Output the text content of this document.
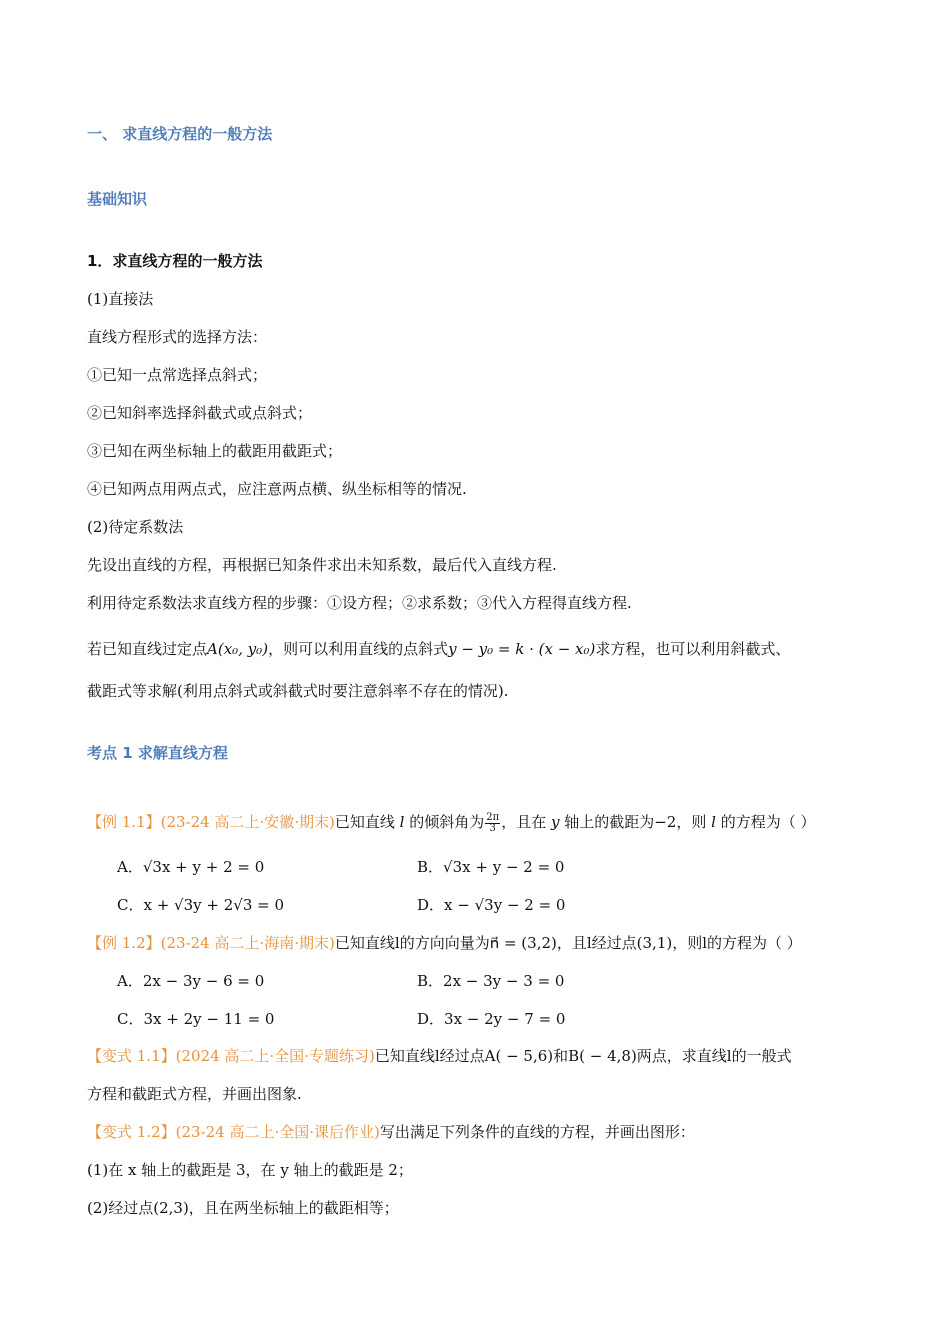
一、 求直线方程的一般方法
基础知识
1．求直线方程的一般方法
(1)直接法
直线方程形式的选择方法：
①已知一点常选择点斜式；
②已知斜率选择斜截式或点斜式；
③已知在两坐标轴上的截距用截距式；
④已知两点用两点式，应注意两点横、纵坐标相等的情况.
(2)待定系数法
先设出直线的方程，再根据已知条件求出未知系数，最后代入直线方程.
利用待定系数法求直线方程的步骤：①设方程；②求系数；③代入方程得直线方程.
若已知直线过定点A(x₀, y₀)，则可以利用直线的点斜式y − y₀ = k · (x − x₀)求方程，也可以利用斜截式、
截距式等求解(利用点斜式或斜截式时要注意斜率不存在的情况).
考点 1 求解直线方程
【例 1.1】(23-24 高二上·安徽·期末)已知直线 l 的倾斜角为 $\frac{2\pi}{3}$ ，且在 y 轴上的截距为−2，则 l 的方程为（ ）
A．√3x + y + 2 = 0	B．√3x + y − 2 = 0
C．x + √3y + 2√3 = 0	D．x − √3y − 2 = 0
【例 1.2】(23-24 高二上·海南·期末)已知直线l的方向向量为n⃗ = (3,2)，且l经过点(3,1)，则l的方程为（ ）
A．2x − 3y − 6 = 0	B．2x − 3y − 3 = 0
C．3x + 2y − 11 = 0	D．3x − 2y − 7 = 0
【变式 1.1】(2024 高二上·全国·专题练习)已知直线l经过点A( − 5,6)和B( − 4,8)两点，求直线l的一般式
方程和截距式方程，并画出图象.
【变式 1.2】(23-24 高二上·全国·课后作业)写出满足下列条件的直线的方程，并画出图形：
(1)在 x 轴上的截距是 3，在 y 轴上的截距是 2；
(2)经过点(2,3)，且在两坐标轴上的截距相等；
